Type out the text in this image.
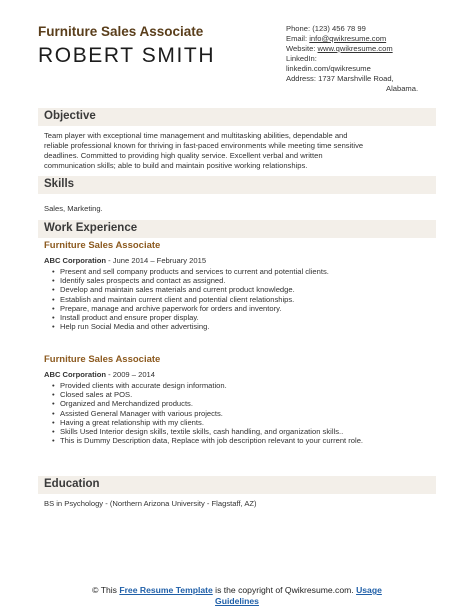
Furniture Sales Associate
ROBERT SMITH
Phone: (123) 456 78 99
Email: info@qwikresume.com
Website: www.qwikresume.com
LinkedIn:
linkedin.com/qwikresume
Address: 1737 Marshville Road,
Alabama.
Objective
Team player with exceptional time management and multitasking abilities, dependable and
reliable professional known for thriving in fast-paced environments while meeting time sensitive
deadlines. Committed to providing high quality service. Excellent verbal and written
communication skills; able to build and maintain positive working relationships.
Skills
Sales, Marketing.
Work Experience
Furniture Sales Associate
ABC Corporation - June 2014 – February 2015
• Present and sell company products and services to current and potential clients.
• Identify sales prospects and contact as assigned.
• Develop and maintain sales materials and current product knowledge.
• Establish and maintain current client and potential client relationships.
• Prepare, manage and archive paperwork for orders and inventory.
• Install product and ensure proper display.
• Help run Social Media and other advertising.
Furniture Sales Associate
ABC Corporation - 2009 – 2014
• Provided clients with accurate design information.
• Closed sales at POS.
• Organized and Merchandized products.
• Assisted General Manager with various projects.
• Having a great relationship with my clients.
• Skills Used Interior design skills, textile skills, cash handling, and organization skills..
• This is Dummy Description data, Replace with job description relevant to your current role.
Education
BS in Psychology - (Northern Arizona University - Flagstaff, AZ)
© This Free Resume Template is the copyright of Qwikresume.com. Usage
Guidelines
